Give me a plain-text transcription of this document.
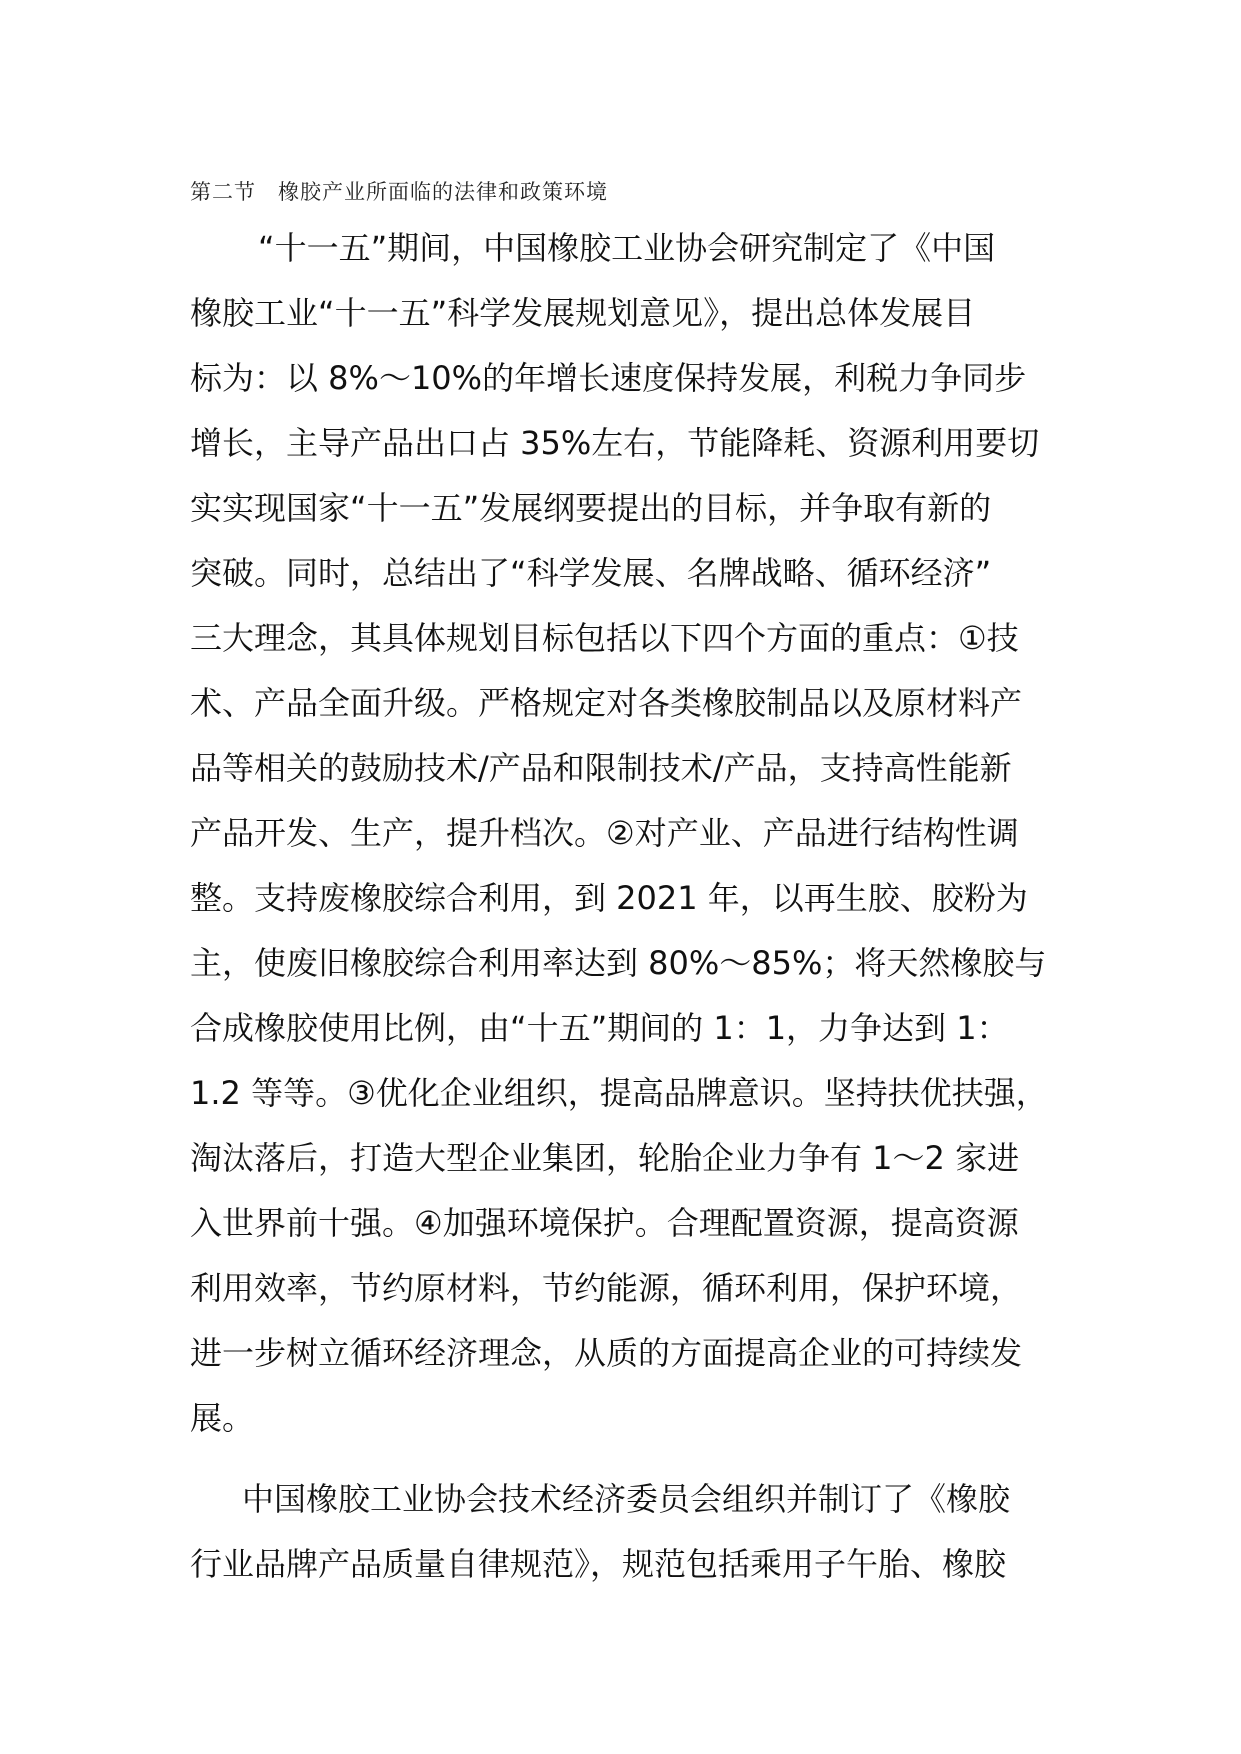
第二节　橡胶产业所面临的法律和政策环境

“十一五”期间，中国橡胶工业协会研究制定了《中国
橡胶工业“十一五”科学发展规划意见》，提出总体发展目
标为：以 8%～10%的年增长速度保持发展，利税力争同步
增长，主导产品出口占 35%左右，节能降耗、资源利用要切
实实现国家“十一五”发展纲要提出的目标，并争取有新的
突破。同时，总结出了“科学发展、名牌战略、循环经济”
三大理念，其具体规划目标包括以下四个方面的重点：①技
术、产品全面升级。严格规定对各类橡胶制品以及原材料产
品等相关的鼓励技术/产品和限制技术/产品，支持高性能新
产品开发、生产，提升档次。②对产业、产品进行结构性调
整。支持废橡胶综合利用，到 2021 年，以再生胶、胶粉为
主，使废旧橡胶综合利用率达到 80%～85%；将天然橡胶与
合成橡胶使用比例，由“十五”期间的 1：1，力争达到 1：
1.2 等等。③优化企业组织，提高品牌意识。坚持扶优扶强，
淘汰落后，打造大型企业集团，轮胎企业力争有 1～2 家进
入世界前十强。④加强环境保护。合理配置资源，提高资源
利用效率，节约原材料，节约能源，循环利用，保护环境，
进一步树立循环经济理念，从质的方面提高企业的可持续发
展。

中国橡胶工业协会技术经济委员会组织并制订了《橡胶
行业品牌产品质量自律规范》，规范包括乘用子午胎、橡胶
